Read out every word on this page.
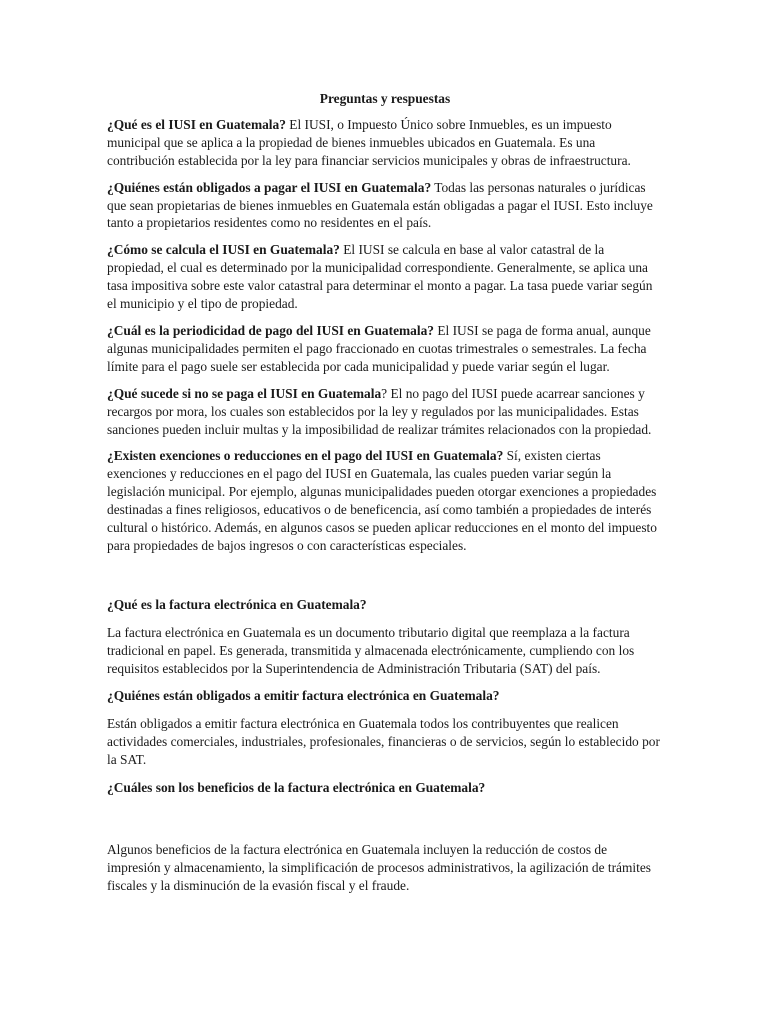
Preguntas y respuestas

¿Qué es el IUSI en Guatemala? El IUSI, o Impuesto Único sobre Inmuebles, es un impuesto municipal que se aplica a la propiedad de bienes inmuebles ubicados en Guatemala. Es una contribución establecida por la ley para financiar servicios municipales y obras de infraestructura.

¿Quiénes están obligados a pagar el IUSI en Guatemala? Todas las personas naturales o jurídicas que sean propietarias de bienes inmuebles en Guatemala están obligadas a pagar el IUSI. Esto incluye tanto a propietarios residentes como no residentes en el país.

¿Cómo se calcula el IUSI en Guatemala? El IUSI se calcula en base al valor catastral de la propiedad, el cual es determinado por la municipalidad correspondiente. Generalmente, se aplica una tasa impositiva sobre este valor catastral para determinar el monto a pagar. La tasa puede variar según el municipio y el tipo de propiedad.

¿Cuál es la periodicidad de pago del IUSI en Guatemala? El IUSI se paga de forma anual, aunque algunas municipalidades permiten el pago fraccionado en cuotas trimestrales o semestrales. La fecha límite para el pago suele ser establecida por cada municipalidad y puede variar según el lugar.

¿Qué sucede si no se paga el IUSI en Guatemala? El no pago del IUSI puede acarrear sanciones y recargos por mora, los cuales son establecidos por la ley y regulados por las municipalidades. Estas sanciones pueden incluir multas y la imposibilidad de realizar trámites relacionados con la propiedad.

¿Existen exenciones o reducciones en el pago del IUSI en Guatemala? Sí, existen ciertas exenciones y reducciones en el pago del IUSI en Guatemala, las cuales pueden variar según la legislación municipal. Por ejemplo, algunas municipalidades pueden otorgar exenciones a propiedades destinadas a fines religiosos, educativos o de beneficencia, así como también a propiedades de interés cultural o histórico. Además, en algunos casos se pueden aplicar reducciones en el monto del impuesto para propiedades de bajos ingresos o con características especiales.

¿Qué es la factura electrónica en Guatemala?

La factura electrónica en Guatemala es un documento tributario digital que reemplaza a la factura tradicional en papel. Es generada, transmitida y almacenada electrónicamente, cumpliendo con los requisitos establecidos por la Superintendencia de Administración Tributaria (SAT) del país.

¿Quiénes están obligados a emitir factura electrónica en Guatemala?

Están obligados a emitir factura electrónica en Guatemala todos los contribuyentes que realicen actividades comerciales, industriales, profesionales, financieras o de servicios, según lo establecido por la SAT.

¿Cuáles son los beneficios de la factura electrónica en Guatemala?

Algunos beneficios de la factura electrónica en Guatemala incluyen la reducción de costos de impresión y almacenamiento, la simplificación de procesos administrativos, la agilización de trámites fiscales y la disminución de la evasión fiscal y el fraude.
